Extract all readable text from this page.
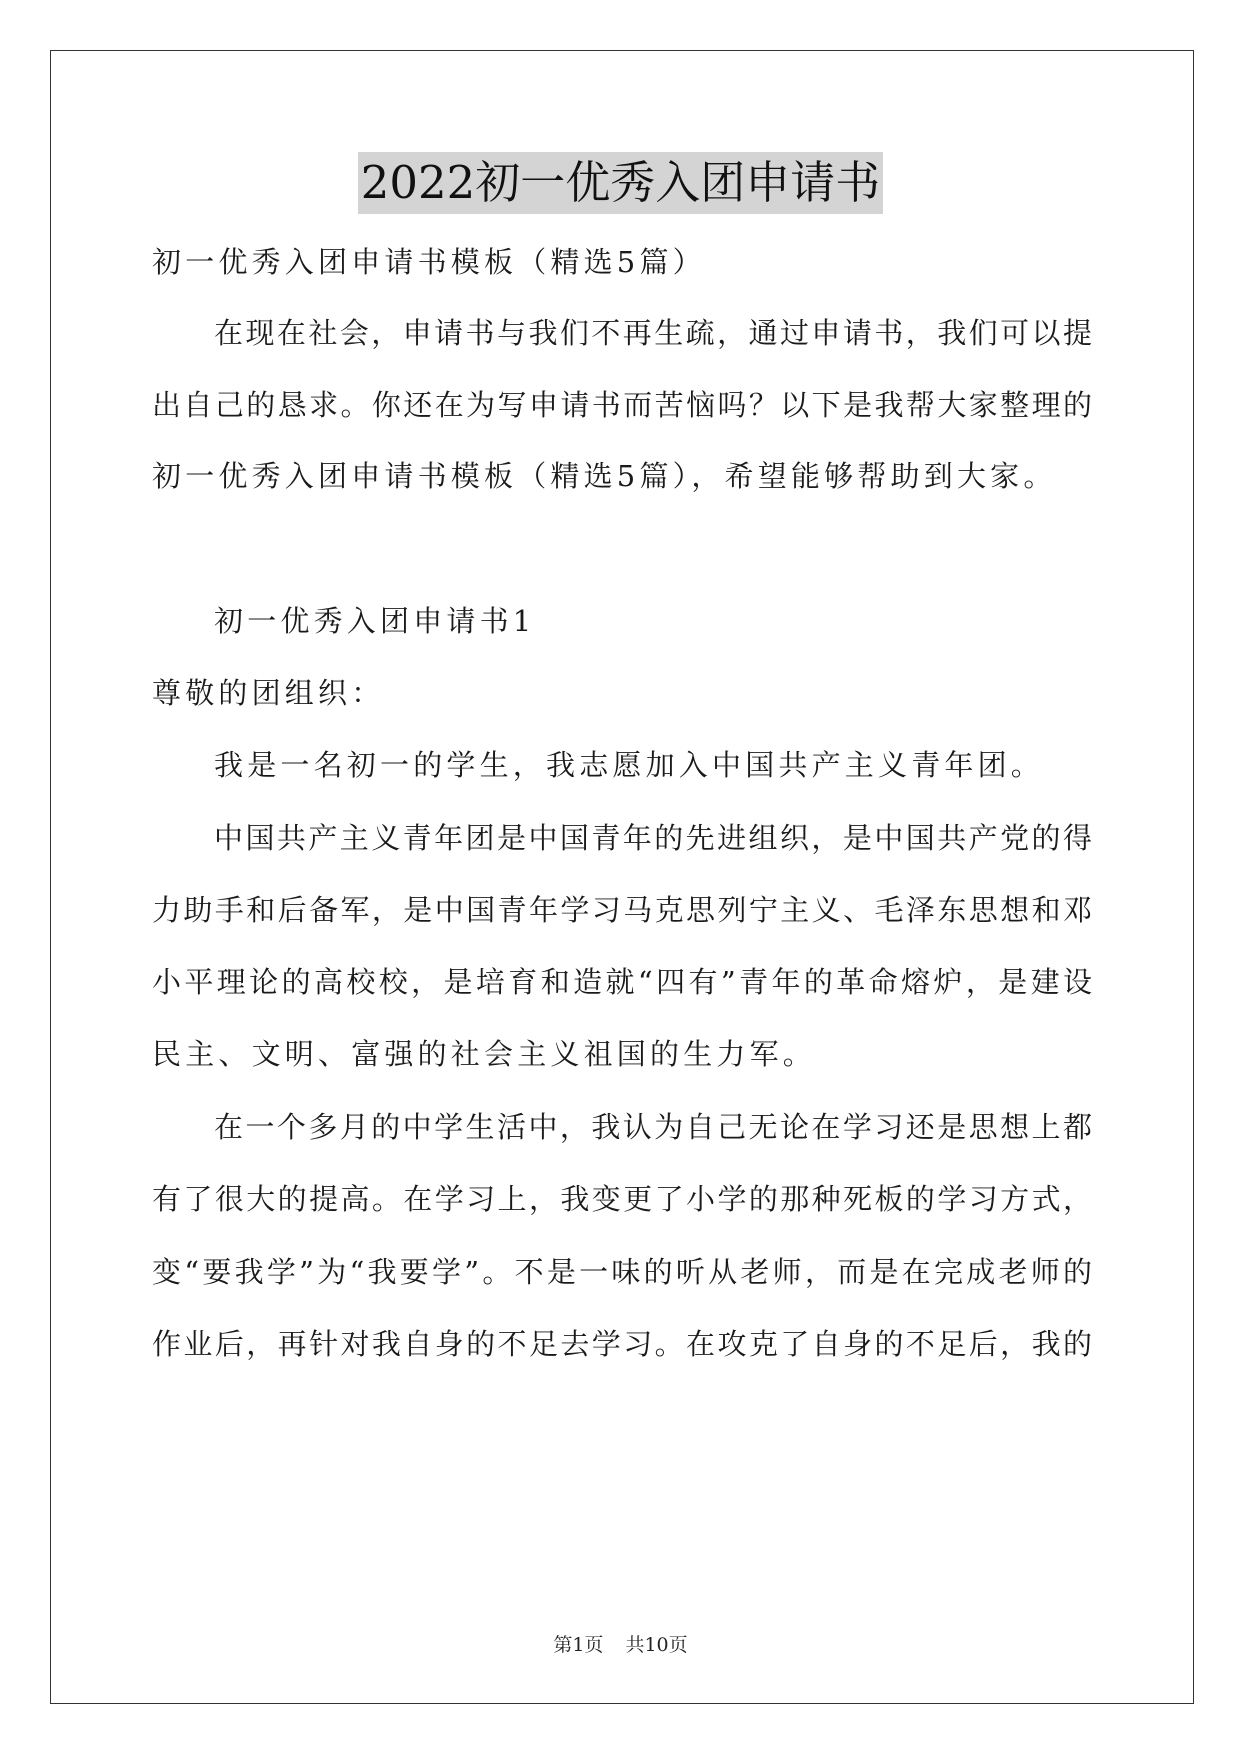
2022初一优秀入团申请书
初一优秀入团申请书模板（精选5篇）
在现在社会，申请书与我们不再生疏，通过申请书，我们可以提
出自己的恳求。你还在为写申请书而苦恼吗？以下是我帮大家整理的
初一优秀入团申请书模板（精选5篇），希望能够帮助到大家。
初一优秀入团申请书1
尊敬的团组织：
我是一名初一的学生，我志愿加入中国共产主义青年团。
中国共产主义青年团是中国青年的先进组织，是中国共产党的得
力助手和后备军，是中国青年学习马克思列宁主义、毛泽东思想和邓
小平理论的高校校，是培育和造就“四有”青年的革命熔炉，是建设
民主、文明、富强的社会主义祖国的生力军。
在一个多月的中学生活中，我认为自己无论在学习还是思想上都
有了很大的提高。在学习上，我变更了小学的那种死板的学习方式，
变“要我学”为“我要学”。不是一味的听从老师，而是在完成老师的
作业后，再针对我自身的不足去学习。在攻克了自身的不足后，我的
第1页 共10页
